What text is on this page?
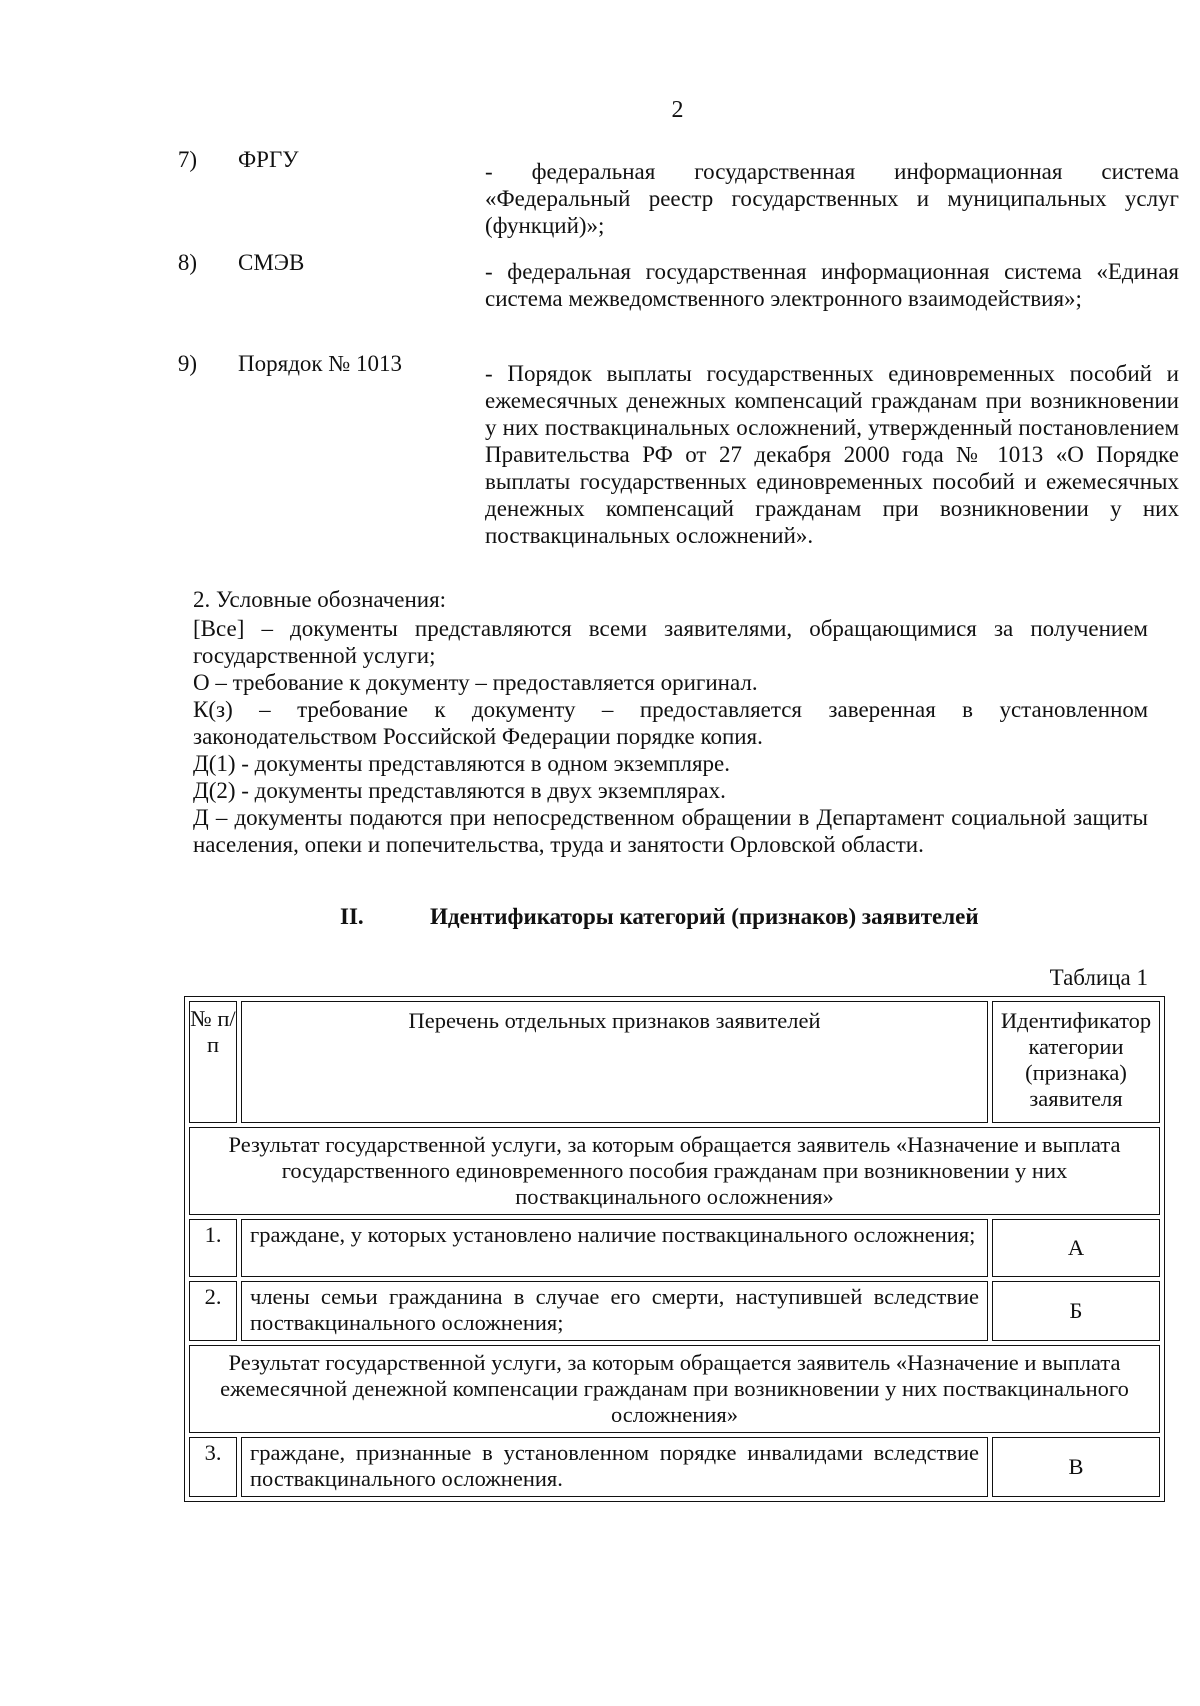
2
7) ФРГУ	- федеральная государственная информационная система «Федеральный реестр государственных и муниципальных услуг (функций)»;
8) СМЭВ	- федеральная государственная информационная система «Единая система межведомственного электронного взаимодействия»;
9) Порядок № 1013	- Порядок выплаты государственных единовременных пособий и ежемесячных денежных компенсаций гражданам при возникновении у них поствакцинальных осложнений, утвержденный постановлением Правительства РФ от 27 декабря 2000 года № 1013 «О Порядке выплаты государственных единовременных пособий и ежемесячных денежных компенсаций гражданам при возникновении у них поствакцинальных осложнений».

2. Условные обозначения:

[Все] – документы представляются всеми заявителями, обращающимися за получением государственной услуги;

О – требование к документу – предоставляется оригинал.

К(з) – требование к документу – предоставляется заверенная в установленном законодательством Российской Федерации порядке копия.

Д(1) - документы представляются в одном экземпляре.

Д(2) - документы представляются в двух экземплярах.

Д – документы подаются при непосредственном обращении в Департамент социальной защиты населения, опеки и попечительства, труда и занятости Орловской области.

II.	Идентификаторы категорий (признаков) заявителей
Таблица 1
№ п/п	Перечень отдельных признаков заявителей	Идентификатор категории (признака) заявителя
Результат государственной услуги, за которым обращается заявитель «Назначение и выплата государственного единовременного пособия гражданам при возникновении у них поствакцинального осложнения»		
1.	граждане, у которых установлено наличие поствакцинального осложнения;	А
2.	члены семьи гражданина в случае его смерти, наступившей вследствие поствакцинального осложнения;	Б
Результат государственной услуги, за которым обращается заявитель «Назначение и выплата ежемесячной денежной компенсации гражданам при возникновении у них поствакцинального осложнения»		
3.	граждане, признанные в установленном порядке инвалидами вследствие поствакцинального осложнения.	В
